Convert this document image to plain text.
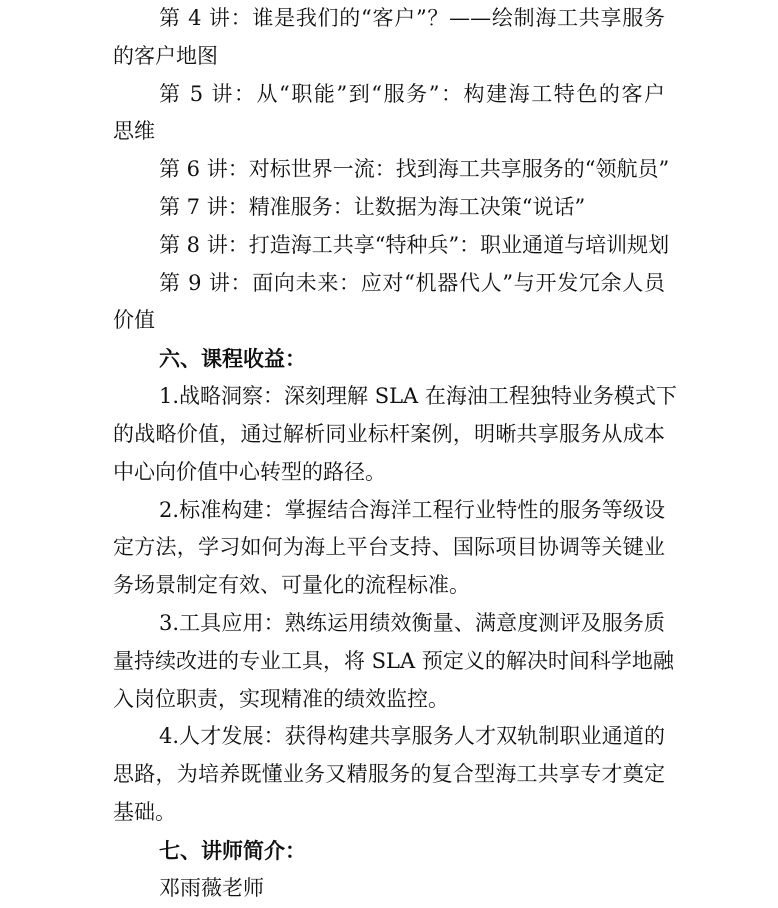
第 4 讲：谁是我们的“客户”？——绘制海工共享服务
的客户地图
第 5 讲：从“职能”到“服务”：构建海工特色的客户
思维
第 6 讲：对标世界一流：找到海工共享服务的“领航员”
第 7 讲：精准服务：让数据为海工决策“说话”
第 8 讲：打造海工共享“特种兵”：职业通道与培训规划
第 9 讲：面向未来：应对“机器代人”与开发冗余人员
价值
六、课程收益：
1.战略洞察：深刻理解 SLA 在海油工程独特业务模式下
的战略价值，通过解析同业标杆案例，明晰共享服务从成本
中心向价值中心转型的路径。
2.标准构建：掌握结合海洋工程行业特性的服务等级设
定方法，学习如何为海上平台支持、国际项目协调等关键业
务场景制定有效、可量化的流程标准。
3.工具应用：熟练运用绩效衡量、满意度测评及服务质
量持续改进的专业工具，将 SLA 预定义的解决时间科学地融
入岗位职责，实现精准的绩效监控。
4.人才发展：获得构建共享服务人才双轨制职业通道的
思路，为培养既懂业务又精服务的复合型海工共享专才奠定
基础。
七、讲师简介：
邓雨薇老师
